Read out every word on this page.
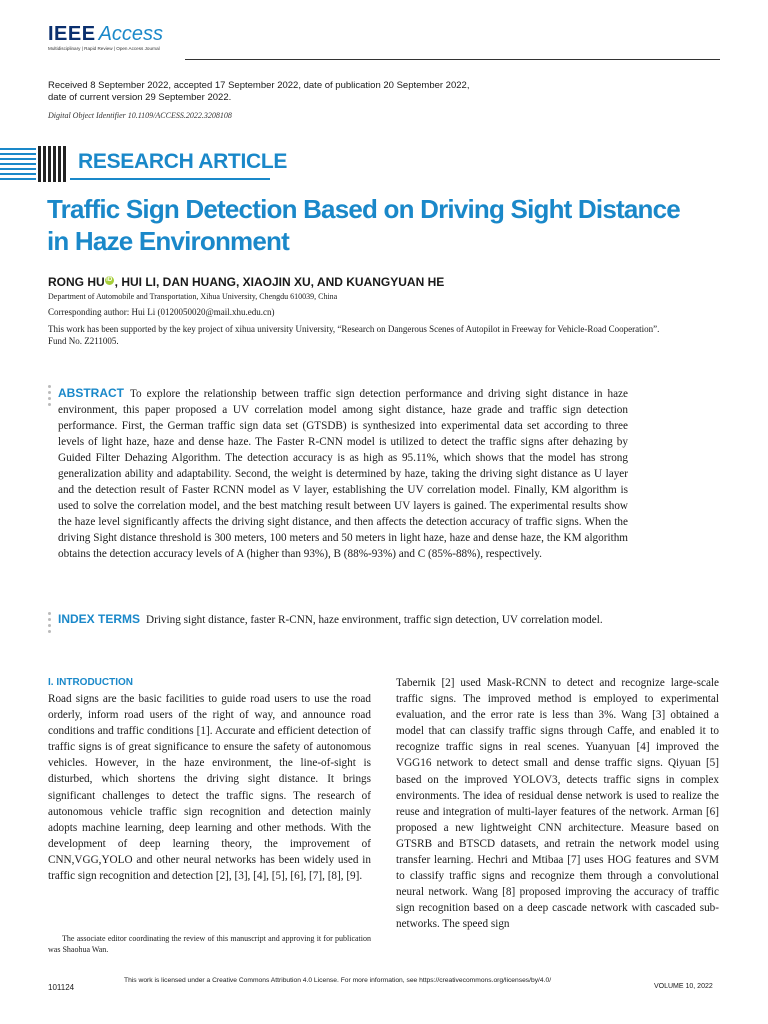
IEEE Access
Multidisciplinary | Rapid Review | Open Access Journal
Received 8 September 2022, accepted 17 September 2022, date of publication 20 September 2022,
date of current version 29 September 2022.
Digital Object Identifier 10.1109/ACCESS.2022.3208108
RESEARCH ARTICLE
Traffic Sign Detection Based on Driving Sight Distance in Haze Environment
RONG HU iD , HUI LI, DAN HUANG, XIAOJIN XU, AND KUANGYUAN HE
Department of Automobile and Transportation, Xihua University, Chengdu 610039, China
Corresponding author: Hui Li (0120050020@mail.xhu.edu.cn)
This work has been supported by the key project of xihua university University, “Research on Dangerous Scenes of Autopilot in Freeway for Vehicle-Road Cooperation”. Fund No. Z211005.
ABSTRACT To explore the relationship between traffic sign detection performance and driving sight distance in haze environment, this paper proposed a UV correlation model among sight distance, haze grade and traffic sign detection performance. First, the German traffic sign data set (GTSDB) is synthesized into experimental data set according to three levels of light haze, haze and dense haze. The Faster R-CNN model is utilized to detect the traffic signs after dehazing by Guided Filter Dehazing Algorithm. The detection accuracy is as high as 95.11%, which shows that the model has strong generalization ability and adaptability. Second, the weight is determined by haze, taking the driving sight distance as U layer and the detection result of Faster RCNN model as V layer, establishing the UV correlation model. Finally, KM algorithm is used to solve the correlation model, and the best matching result between UV layers is gained. The experimental results show the haze level significantly affects the driving sight distance, and then affects the detection accuracy of traffic signs. When the driving Sight distance threshold is 300 meters, 100 meters and 50 meters in light haze, haze and dense haze, the KM algorithm obtains the detection accuracy levels of A (higher than 93%), B (88%-93%) and C (85%-88%), respectively.
INDEX TERMS Driving sight distance, faster R-CNN, haze environment, traffic sign detection, UV correlation model.
I. INTRODUCTION
Road signs are the basic facilities to guide road users to use the road orderly, inform road users of the right of way, and announce road conditions and traffic conditions [1]. Accurate and efficient detection of traffic signs is of great significance to ensure the safety of autonomous vehicles. However, in the haze environment, the line-of-sight is disturbed, which shortens the driving sight distance. It brings significant challenges to detect the traffic signs. The research of autonomous vehicle traffic sign recognition and detection mainly adopts machine learning, deep learning and other methods. With the development of deep learning theory, the improvement of CNN,VGG,YOLO and other neural networks has been widely used in traffic sign recognition and detection [2], [3], [4], [5], [6], [7], [8], [9].
Tabernik [2] used Mask-RCNN to detect and recognize large-scale traffic signs. The improved method is employed to experimental evaluation, and the error rate is less than 3%. Wang [3] obtained a model that can classify traffic signs through Caffe, and enabled it to recognize traffic signs in real scenes. Yuanyuan [4] improved the VGG16 network to detect small and dense traffic signs. Qiyuan [5] based on the improved YOLOV3, detects traffic signs in complex environments. The idea of residual dense network is used to realize the reuse and integration of multi-layer features of the network. Arman [6] proposed a new lightweight CNN architecture. Measure based on GTSRB and BTSCD datasets, and retrain the network model using transfer learning. Hechri and Mtibaa [7] uses HOG features and SVM to classify traffic signs and recognize them through a convolutional neural network. Wang [8] proposed improving the accuracy of traffic sign recognition based on a deep cascade network with cascaded sub-networks. The speed sign
The associate editor coordinating the review of this manuscript and approving it for publication was Shaohua Wan.
101124
This work is licensed under a Creative Commons Attribution 4.0 License. For more information, see https://creativecommons.org/licenses/by/4.0/
VOLUME 10, 2022
